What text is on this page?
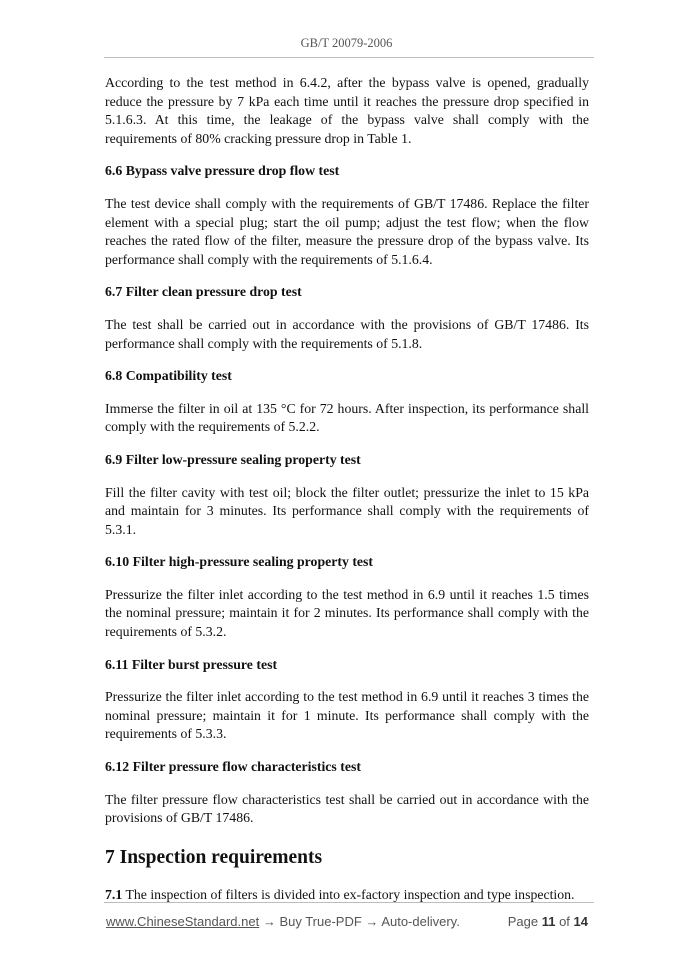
GB/T 20079-2006

According to the test method in 6.4.2, after the bypass valve is opened, gradually reduce the pressure by 7 kPa each time until it reaches the pressure drop specified in 5.1.6.3. At this time, the leakage of the bypass valve shall comply with the requirements of 80% cracking pressure drop in Table 1.

6.6 Bypass valve pressure drop flow test

The test device shall comply with the requirements of GB/T 17486. Replace the filter element with a special plug; start the oil pump; adjust the test flow; when the flow reaches the rated flow of the filter, measure the pressure drop of the bypass valve. Its performance shall comply with the requirements of 5.1.6.4.

6.7 Filter clean pressure drop test

The test shall be carried out in accordance with the provisions of GB/T 17486. Its performance shall comply with the requirements of 5.1.8.

6.8 Compatibility test

Immerse the filter in oil at 135 °C for 72 hours. After inspection, its performance shall comply with the requirements of 5.2.2.

6.9 Filter low-pressure sealing property test

Fill the filter cavity with test oil; block the filter outlet; pressurize the inlet to 15 kPa and maintain for 3 minutes. Its performance shall comply with the requirements of 5.3.1.

6.10 Filter high-pressure sealing property test

Pressurize the filter inlet according to the test method in 6.9 until it reaches 1.5 times the nominal pressure; maintain it for 2 minutes. Its performance shall comply with the requirements of 5.3.2.

6.11 Filter burst pressure test

Pressurize the filter inlet according to the test method in 6.9 until it reaches 3 times the nominal pressure; maintain it for 1 minute. Its performance shall comply with the requirements of 5.3.3.

6.12 Filter pressure flow characteristics test

The filter pressure flow characteristics test shall be carried out in accordance with the provisions of GB/T 17486.

7 Inspection requirements

7.1 The inspection of filters is divided into ex-factory inspection and type inspection.

www.ChineseStandard.net → Buy True-PDF → Auto-delivery.	Page 11 of 14
